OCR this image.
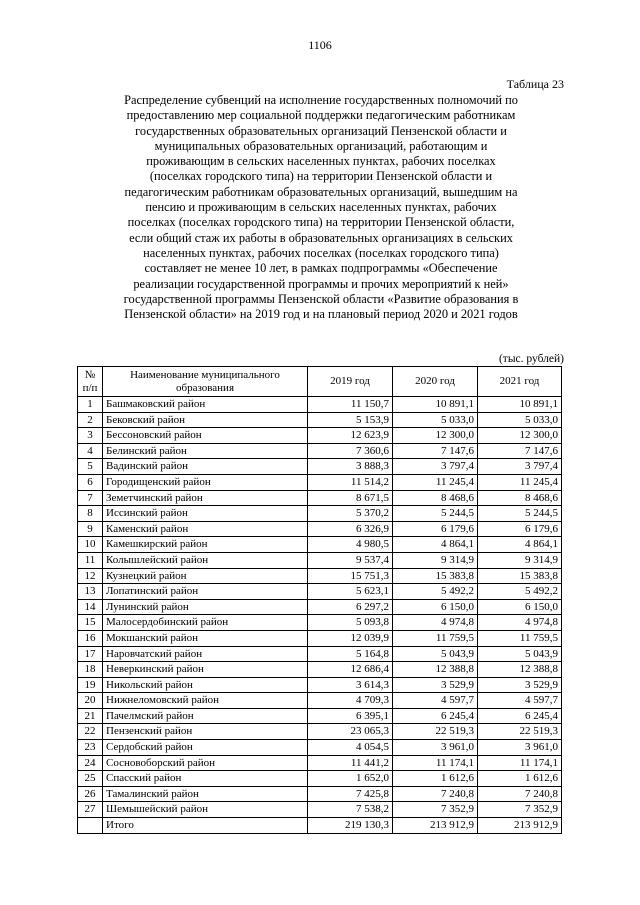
1106
Таблица 23
Распределение субвенций на исполнение государственных полномочий по
предоставлению мер социальной поддержки педагогическим работникам
государственных образовательных организаций Пензенской области и
муниципальных образовательных организаций, работающим и
проживающим в сельских населенных пунктах, рабочих поселках
(поселках городского типа) на территории Пензенской области и
педагогическим работникам образовательных организаций, вышедшим на
пенсию и проживающим в сельских населенных пунктах, рабочих
поселках (поселках городского типа) на территории Пензенской области,
если общий стаж их работы в образовательных организациях в сельских
населенных пунктах, рабочих поселках (поселках городского типа)
составляет не менее 10 лет, в рамках подпрограммы «Обеспечение
реализации государственной программы и прочих мероприятий к ней»
государственной программы Пензенской области «Развитие образования в
Пензенской области» на 2019 год и на плановый период 2020 и 2021 годов
(тыс. рублей)
№ п/п	Наименование муниципального образования	2019 год	2020 год	2021 год
1	Башмаковский район	11 150,7	10 891,1	10 891,1
2	Бековский район	5 153,9	5 033,0	5 033,0
3	Бессоновский район	12 623,9	12 300,0	12 300,0
4	Белинский район	7 360,6	7 147,6	7 147,6
5	Вадинский район	3 888,3	3 797,4	3 797,4
6	Городищенский район	11 514,2	11 245,4	11 245,4
7	Земетчинский район	8 671,5	8 468,6	8 468,6
8	Иссинский район	5 370,2	5 244,5	5 244,5
9	Каменский район	6 326,9	6 179,6	6 179,6
10	Камешкирский район	4 980,5	4 864,1	4 864,1
11	Колышлейский район	9 537,4	9 314,9	9 314,9
12	Кузнецкий район	15 751,3	15 383,8	15 383,8
13	Лопатинский район	5 623,1	5 492,2	5 492,2
14	Лунинский район	6 297,2	6 150,0	6 150,0
15	Малосердобинский район	5 093,8	4 974,8	4 974,8
16	Мокшанский район	12 039,9	11 759,5	11 759,5
17	Наровчатский район	5 164,8	5 043,9	5 043,9
18	Неверкинский район	12 686,4	12 388,8	12 388,8
19	Никольский район	3 614,3	3 529,9	3 529,9
20	Нижнеломовский район	4 709,3	4 597,7	4 597,7
21	Пачелмский район	6 395,1	6 245,4	6 245,4
22	Пензенский район	23 065,3	22 519,3	22 519,3
23	Сердобский район	4 054,5	3 961,0	3 961,0
24	Сосновоборский район	11 441,2	11 174,1	11 174,1
25	Спасский район	1 652,0	1 612,6	1 612,6
26	Тамалинский район	7 425,8	7 240,8	7 240,8
27	Шемышейский район	7 538,2	7 352,9	7 352,9
	Итого	219 130,3	213 912,9	213 912,9
